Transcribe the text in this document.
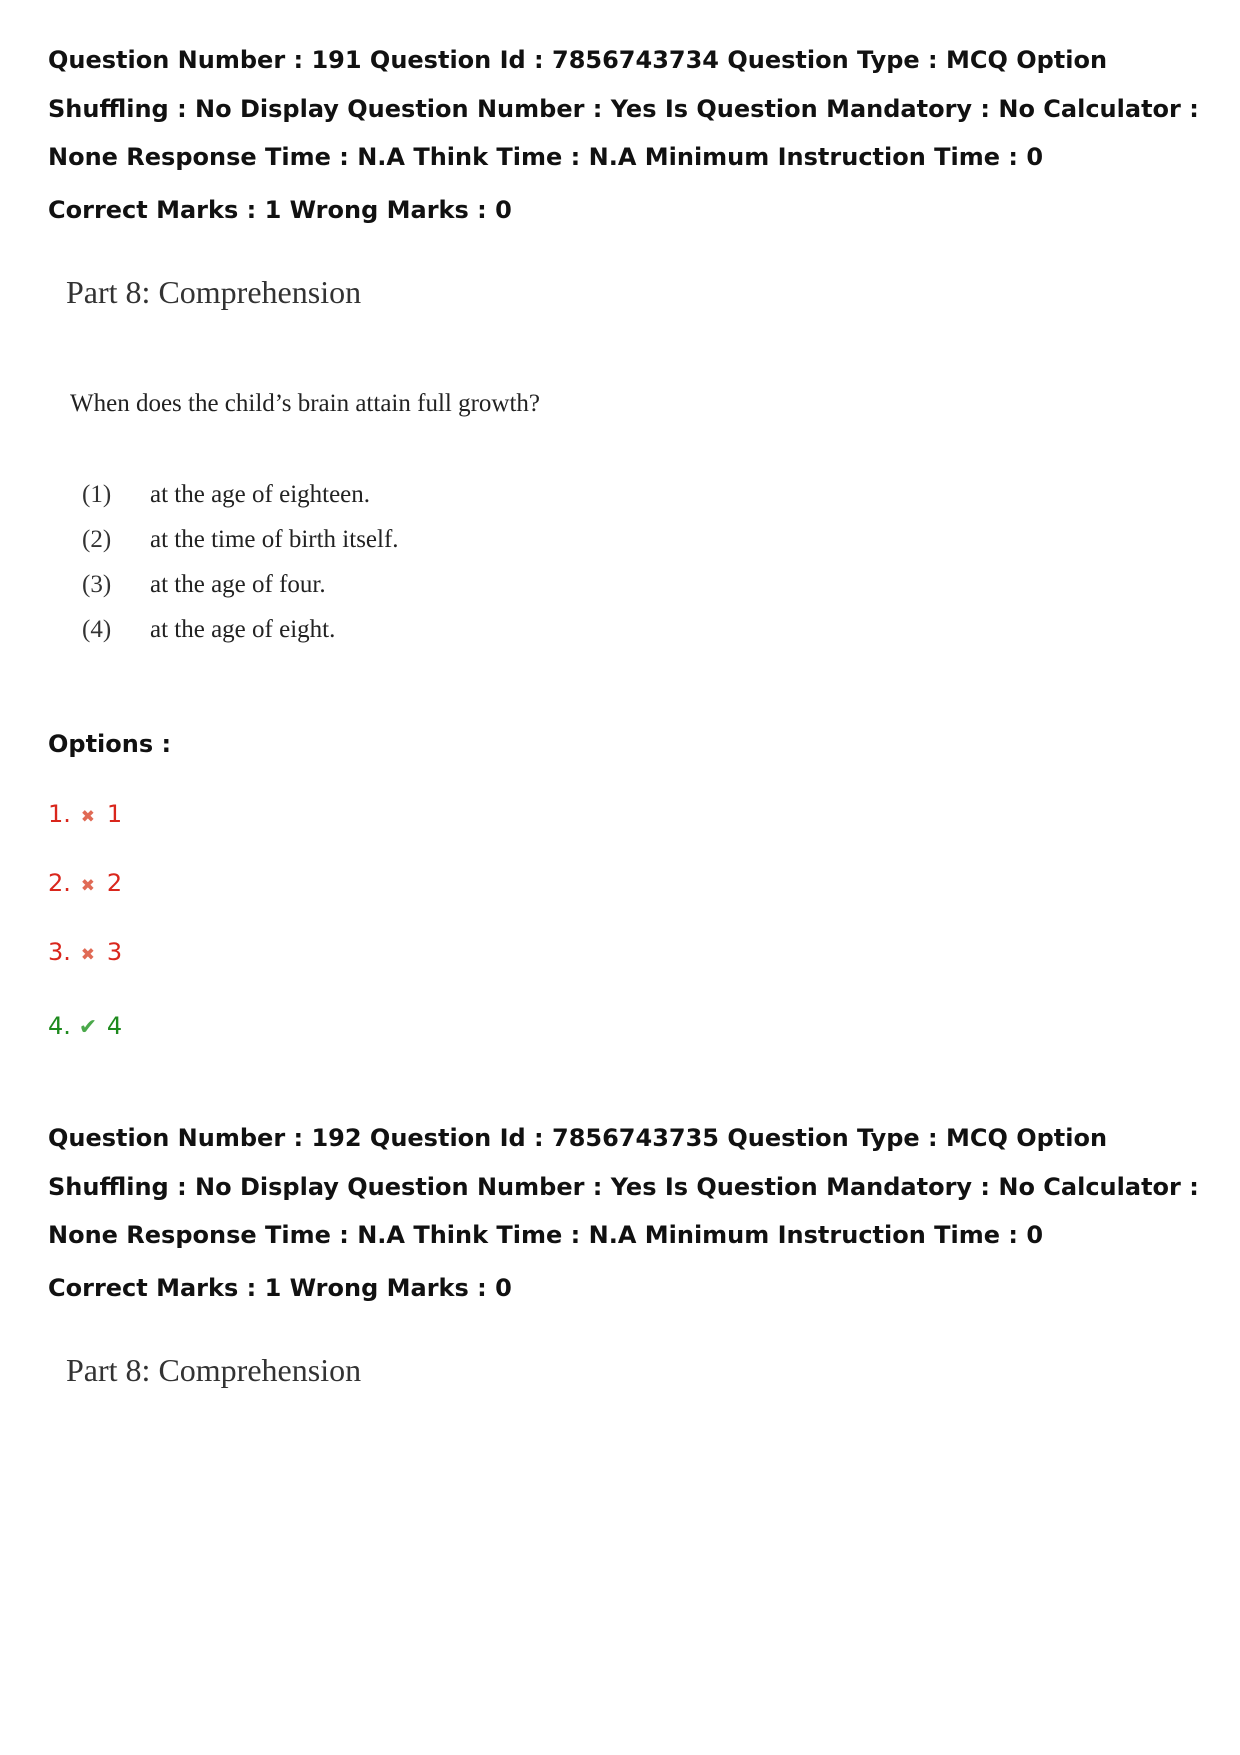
Question Number : 191 Question Id : 7856743734 Question Type : MCQ Option Shuffling : No Display Question Number : Yes Is Question Mandatory : No Calculator : None Response Time : N.A Think Time : N.A Minimum Instruction Time : 0

Correct Marks : 1 Wrong Marks : 0

Part 8: Comprehension

When does the child’s brain attain full growth?
(1) at the age of eighteen.
(2) at the time of birth itself.
(3) at the age of four.
(4) at the age of eight.
Options :
1. ✖ 1
2. ✖ 2
3. ✖ 3
4. ✔ 4

Question Number : 192 Question Id : 7856743735 Question Type : MCQ Option Shuffling : No Display Question Number : Yes Is Question Mandatory : No Calculator : None Response Time : N.A Think Time : N.A Minimum Instruction Time : 0

Correct Marks : 1 Wrong Marks : 0

Part 8: Comprehension
